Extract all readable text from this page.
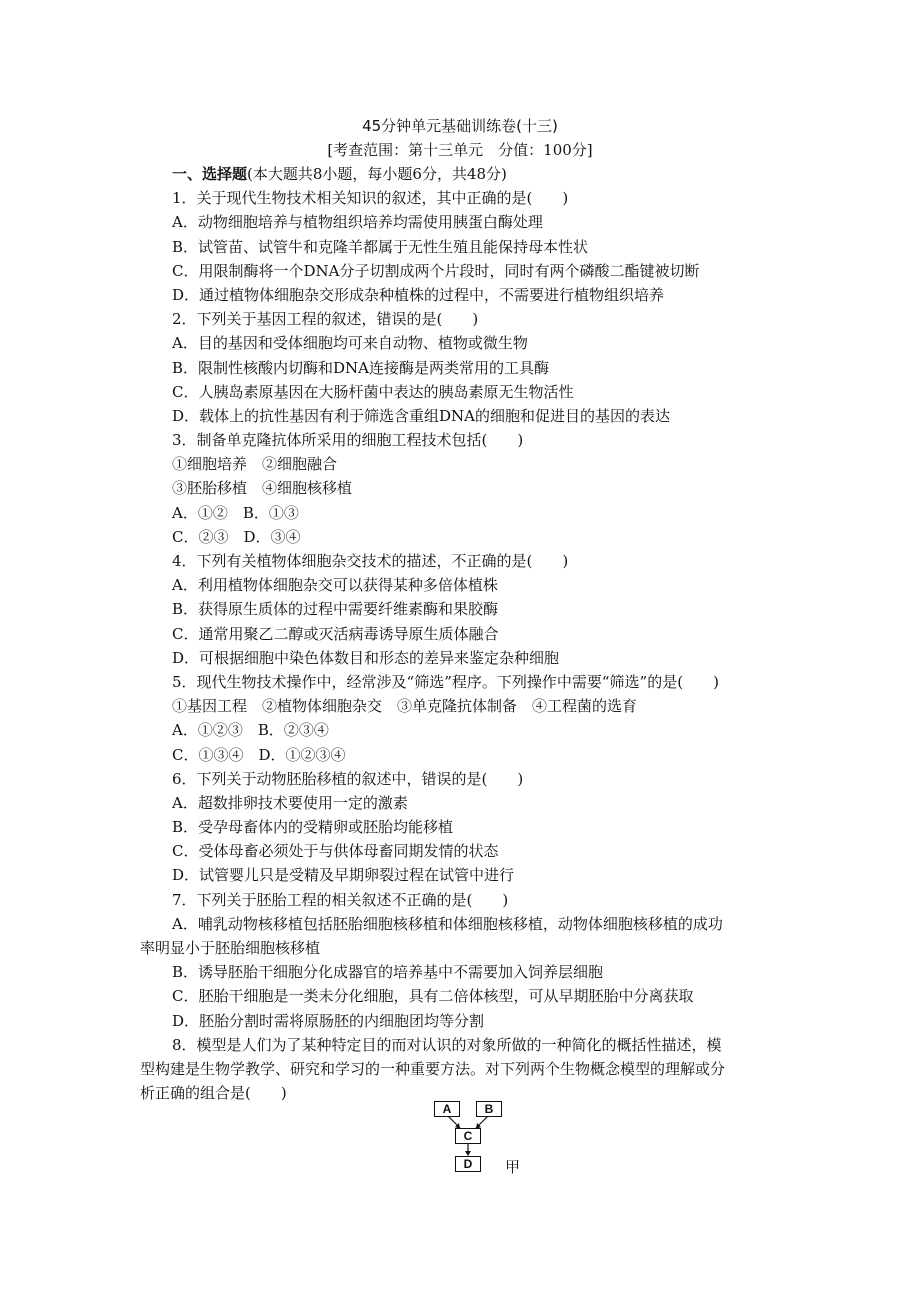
45分钟单元基础训练卷(十三)
[考查范围：第十三单元　分值：100分]
一、选择题(本大题共8小题，每小题6分，共48分)
1．关于现代生物技术相关知识的叙述，其中正确的是(　　)
A．动物细胞培养与植物组织培养均需使用胰蛋白酶处理
B．试管苗、试管牛和克隆羊都属于无性生殖且能保持母本性状
C．用限制酶将一个DNA分子切割成两个片段时，同时有两个磷酸二酯键被切断
D．通过植物体细胞杂交形成杂种植株的过程中，不需要进行植物组织培养
2．下列关于基因工程的叙述，错误的是(　　)
A．目的基因和受体细胞均可来自动物、植物或微生物
B．限制性核酸内切酶和DNA连接酶是两类常用的工具酶
C．人胰岛素原基因在大肠杆菌中表达的胰岛素原无生物活性
D．载体上的抗性基因有利于筛选含重组DNA的细胞和促进目的基因的表达
3．制备单克隆抗体所采用的细胞工程技术包括(　　)
①细胞培养　②细胞融合
③胚胎移植　④细胞核移植
A．①②　B．①③
C．②③　D．③④
4．下列有关植物体细胞杂交技术的描述，不正确的是(　　)
A．利用植物体细胞杂交可以获得某种多倍体植株
B．获得原生质体的过程中需要纤维素酶和果胶酶
C．通常用聚乙二醇或灭活病毒诱导原生质体融合
D．可根据细胞中染色体数目和形态的差异来鉴定杂种细胞
5．现代生物技术操作中，经常涉及“筛选”程序。下列操作中需要“筛选”的是(　　)
①基因工程　②植物体细胞杂交　③单克隆抗体制备　④工程菌的选育
A．①②③　B．②③④
C．①③④　D．①②③④
6．下列关于动物胚胎移植的叙述中，错误的是(　　)
A．超数排卵技术要使用一定的激素
B．受孕母畜体内的受精卵或胚胎均能移植
C．受体母畜必须处于与供体母畜同期发情的状态
D．试管婴儿只是受精及早期卵裂过程在试管中进行
7．下列关于胚胎工程的相关叙述不正确的是(　　)
A．哺乳动物核移植包括胚胎细胞核移植和体细胞核移植，动物体细胞核移植的成功
率明显小于胚胎细胞核移植
B．诱导胚胎干细胞分化成器官的培养基中不需要加入饲养层细胞
C．胚胎干细胞是一类未分化细胞，具有二倍体核型，可从早期胚胎中分离获取
D．胚胎分割时需将原肠胚的内细胞团均等分割
8．模型是人们为了某种特定目的而对认识的对象所做的一种简化的概括性描述，模
型构建是生物学教学、研究和学习的一种重要方法。对下列两个生物概念模型的理解或分
析正确的组合是(　　)
A	B
C
D	甲
